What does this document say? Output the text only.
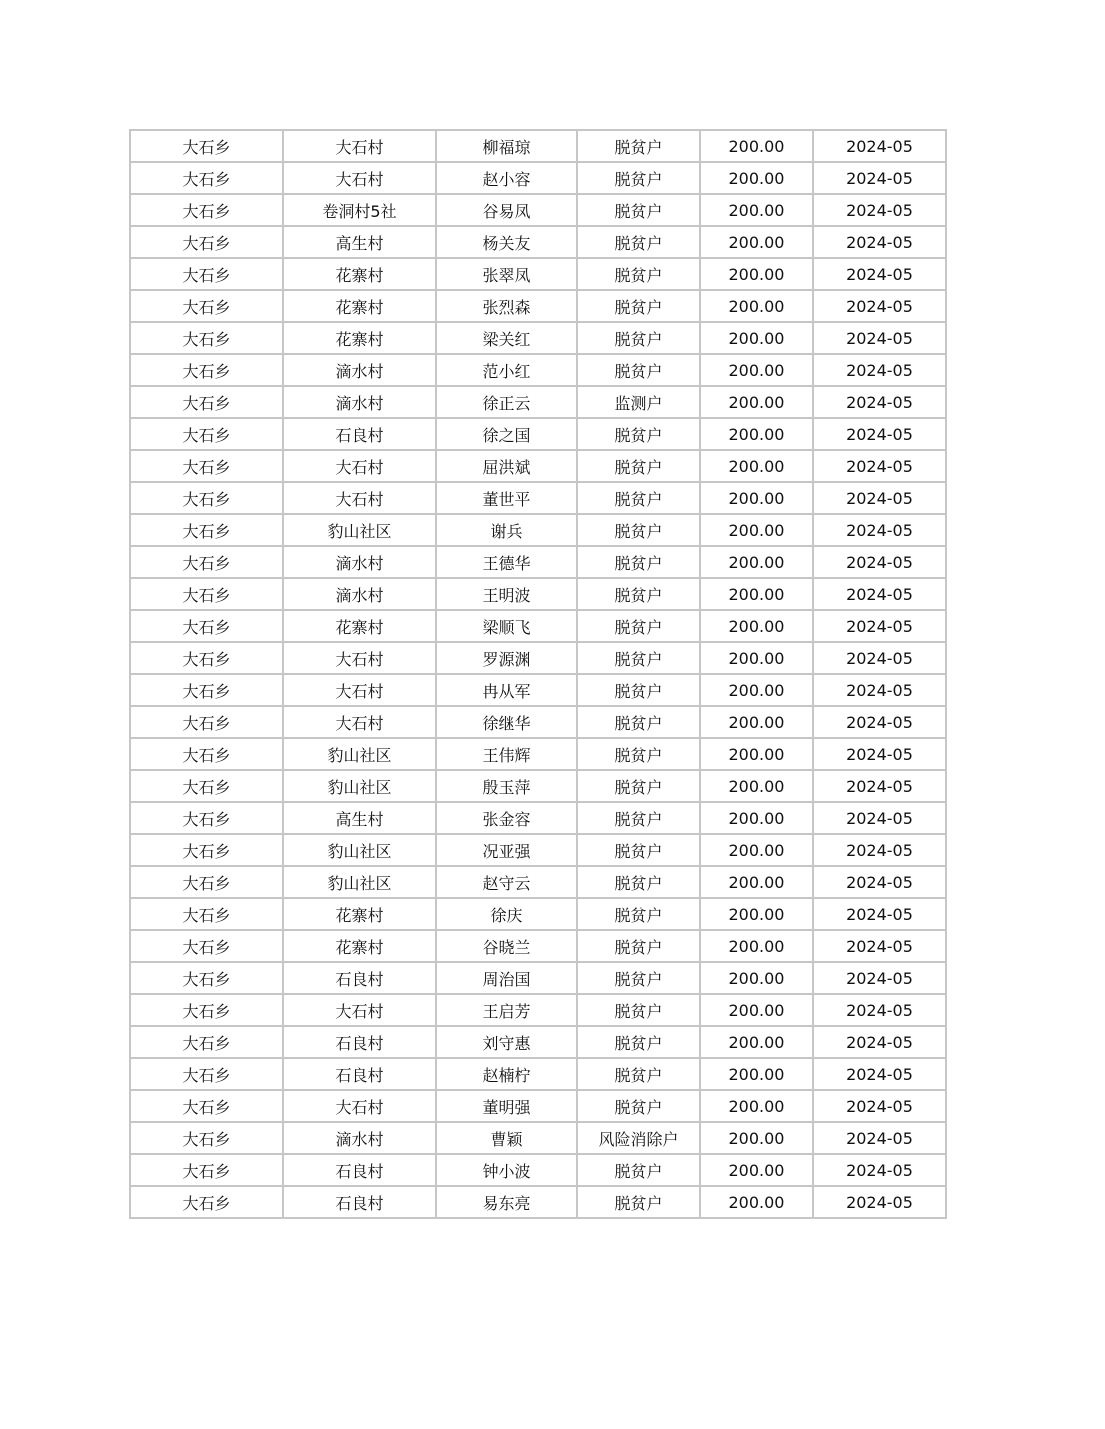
大石乡	大石村	柳福琼	脱贫户	200.00	2024-05
大石乡	大石村	赵小容	脱贫户	200.00	2024-05
大石乡	卷洞村5社	谷易凤	脱贫户	200.00	2024-05
大石乡	高生村	杨关友	脱贫户	200.00	2024-05
大石乡	花寨村	张翠凤	脱贫户	200.00	2024-05
大石乡	花寨村	张烈森	脱贫户	200.00	2024-05
大石乡	花寨村	梁关红	脱贫户	200.00	2024-05
大石乡	滴水村	范小红	脱贫户	200.00	2024-05
大石乡	滴水村	徐正云	监测户	200.00	2024-05
大石乡	石良村	徐之国	脱贫户	200.00	2024-05
大石乡	大石村	屈洪斌	脱贫户	200.00	2024-05
大石乡	大石村	董世平	脱贫户	200.00	2024-05
大石乡	豹山社区	谢兵	脱贫户	200.00	2024-05
大石乡	滴水村	王德华	脱贫户	200.00	2024-05
大石乡	滴水村	王明波	脱贫户	200.00	2024-05
大石乡	花寨村	梁顺飞	脱贫户	200.00	2024-05
大石乡	大石村	罗源渊	脱贫户	200.00	2024-05
大石乡	大石村	冉从军	脱贫户	200.00	2024-05
大石乡	大石村	徐继华	脱贫户	200.00	2024-05
大石乡	豹山社区	王伟辉	脱贫户	200.00	2024-05
大石乡	豹山社区	殷玉萍	脱贫户	200.00	2024-05
大石乡	高生村	张金容	脱贫户	200.00	2024-05
大石乡	豹山社区	况亚强	脱贫户	200.00	2024-05
大石乡	豹山社区	赵守云	脱贫户	200.00	2024-05
大石乡	花寨村	徐庆	脱贫户	200.00	2024-05
大石乡	花寨村	谷晓兰	脱贫户	200.00	2024-05
大石乡	石良村	周治国	脱贫户	200.00	2024-05
大石乡	大石村	王启芳	脱贫户	200.00	2024-05
大石乡	石良村	刘守惠	脱贫户	200.00	2024-05
大石乡	石良村	赵楠柠	脱贫户	200.00	2024-05
大石乡	大石村	董明强	脱贫户	200.00	2024-05
大石乡	滴水村	曹颖	风险消除户	200.00	2024-05
大石乡	石良村	钟小波	脱贫户	200.00	2024-05
大石乡	石良村	易东亮	脱贫户	200.00	2024-05
